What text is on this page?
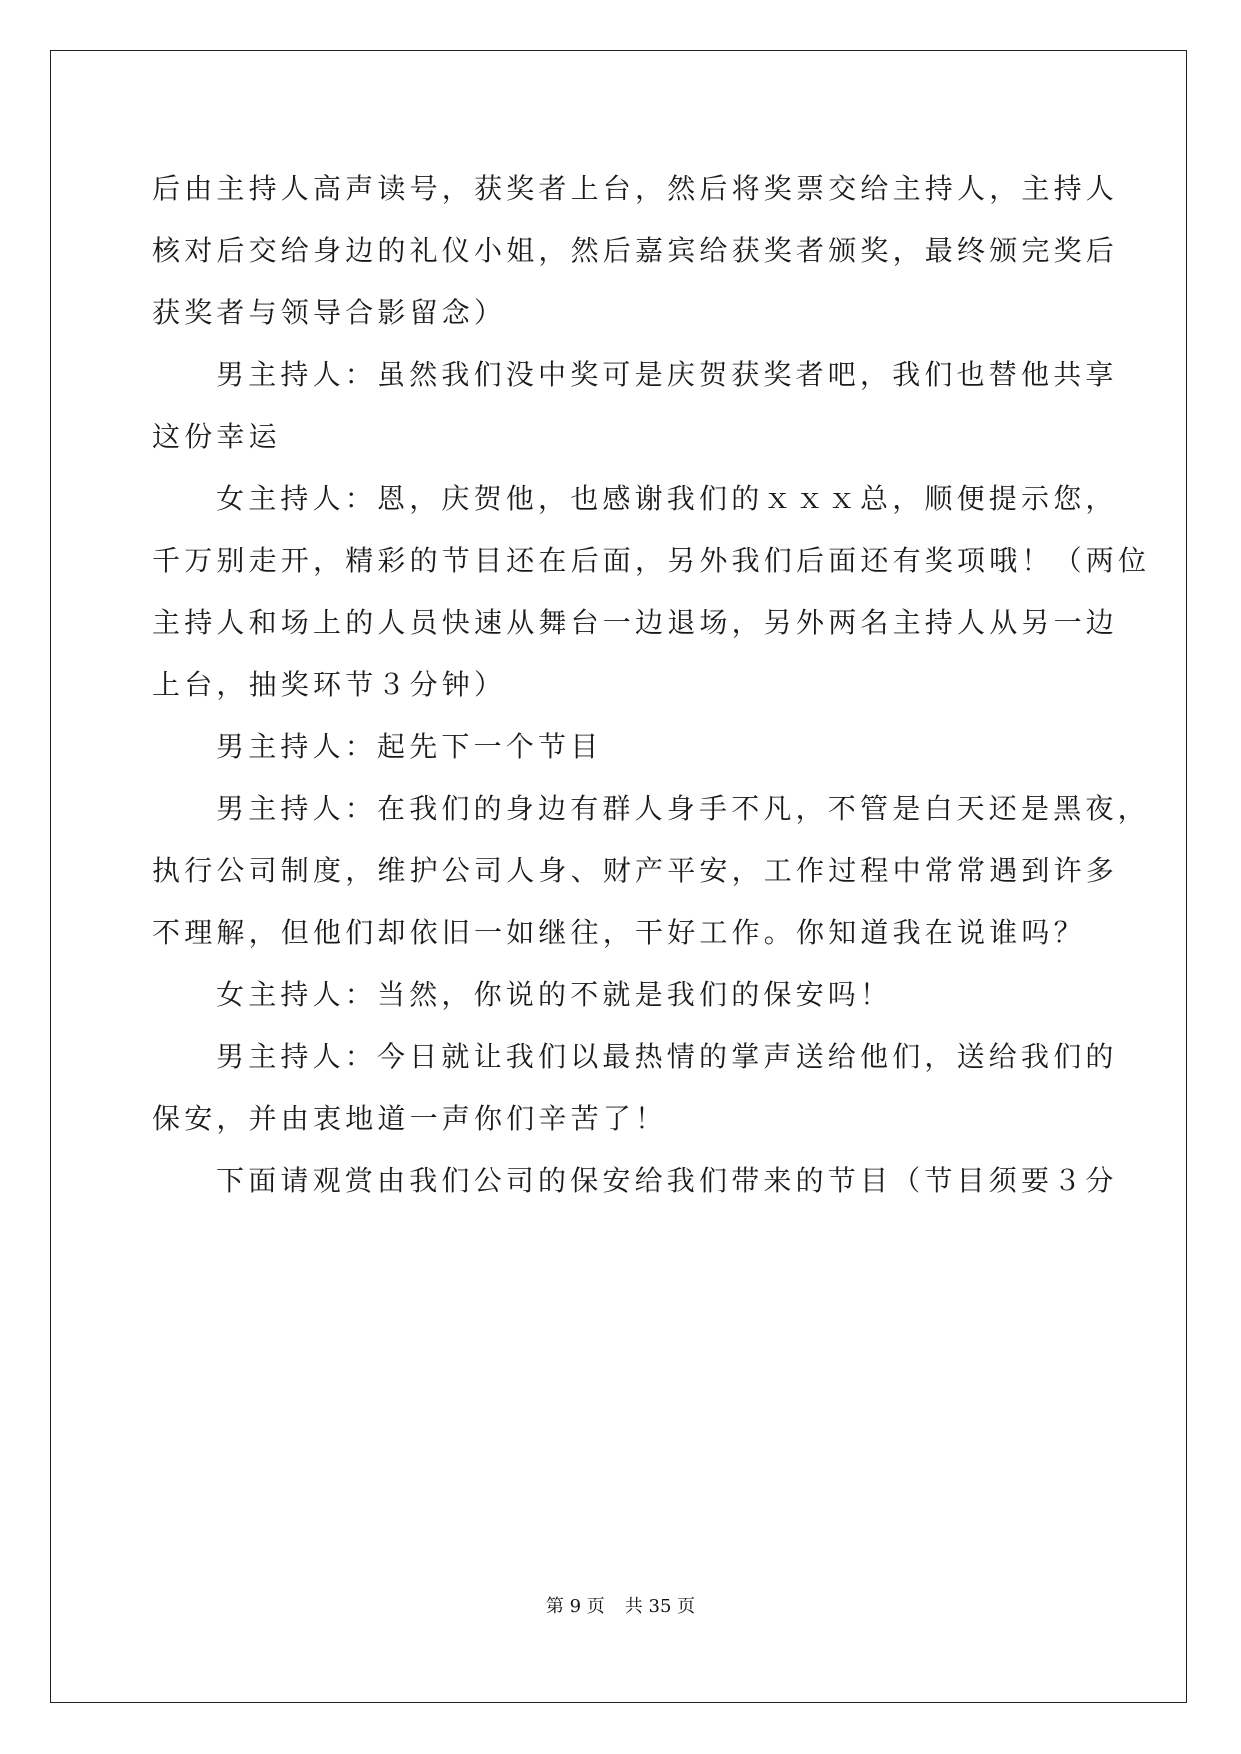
后由主持人高声读号，获奖者上台，然后将奖票交给主持人，主持人
核对后交给身边的礼仪小姐，然后嘉宾给获奖者颁奖，最终颁完奖后
获奖者与领导合影留念）
男主持人：虽然我们没中奖可是庆贺获奖者吧，我们也替他共享
这份幸运
女主持人：恩，庆贺他，也感谢我们的ｘｘｘ总，顺便提示您，
千万别走开，精彩的节目还在后面，另外我们后面还有奖项哦！（两位
主持人和场上的人员快速从舞台一边退场，另外两名主持人从另一边
上台，抽奖环节３分钟）
男主持人：起先下一个节目
男主持人：在我们的身边有群人身手不凡，不管是白天还是黑夜，
执行公司制度，维护公司人身、财产平安，工作过程中常常遇到许多
不理解，但他们却依旧一如继往，干好工作。你知道我在说谁吗？
女主持人：当然，你说的不就是我们的保安吗！
男主持人：今日就让我们以最热情的掌声送给他们，送给我们的
保安，并由衷地道一声你们辛苦了！
下面请观赏由我们公司的保安给我们带来的节目（节目须要３分
第 9 页 共 35 页
